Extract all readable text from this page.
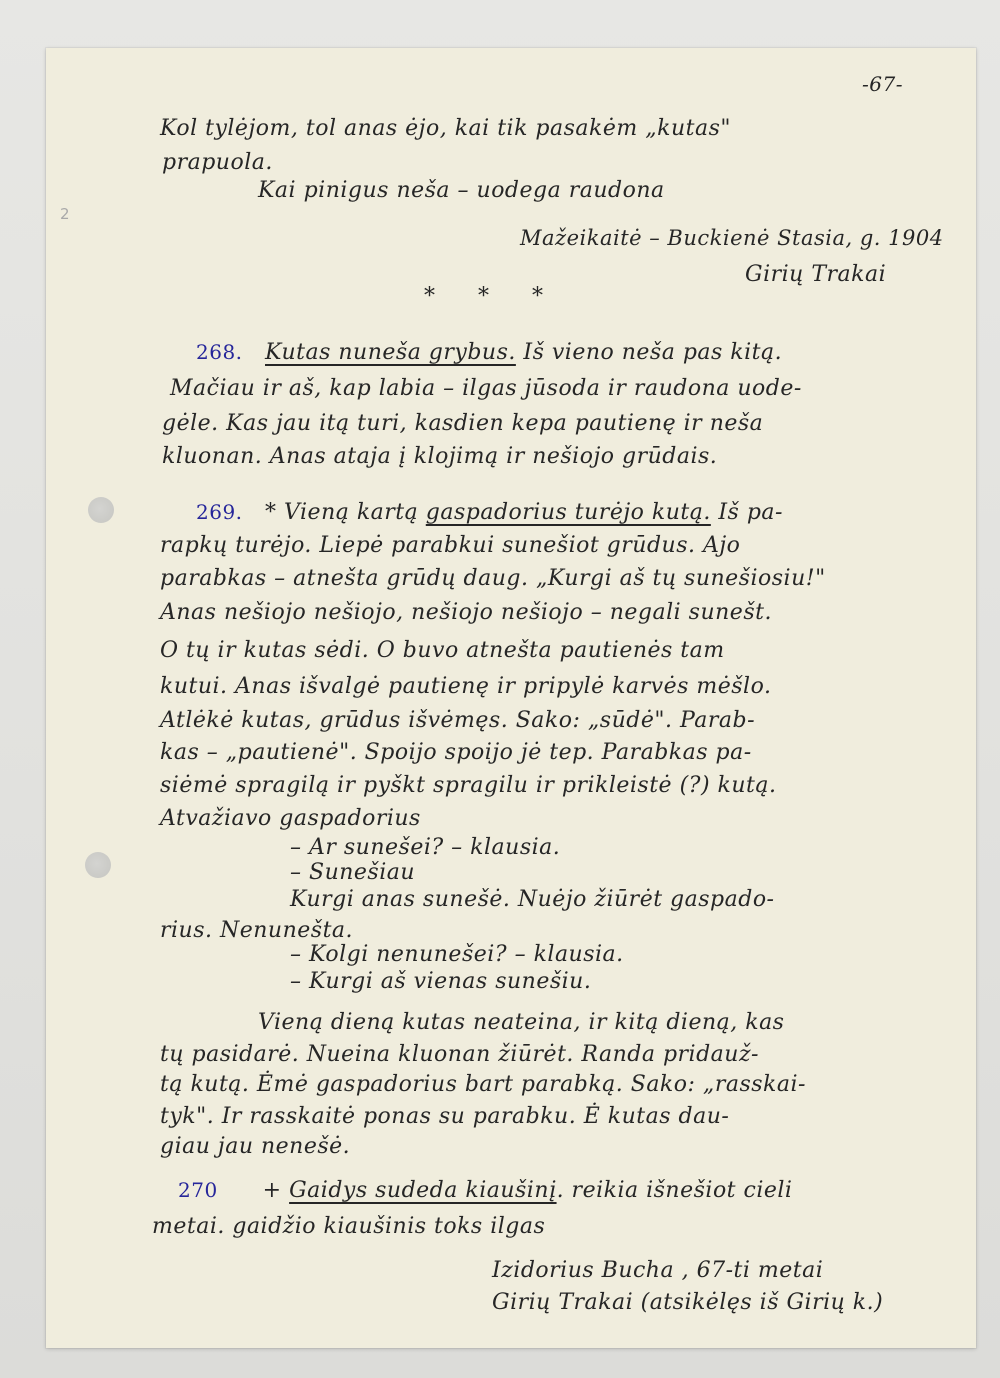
-67-
2
Kol tylėjom, tol anas ėjo, kai tik pasakėm „kutas"
prapuola.
Kai pinigus neša – uodega raudona
Mažeikaitė – Buckienė Stasia, g. 1904
Girių Trakai
* * *
268. Kutas nuneša grybus. Iš vieno neša pas kitą.
Mačiau ir aš, kap labia – ilgas jūsoda ir raudona uode-
gėle. Kas jau itą turi, kasdien kepa pautienę ir neša
kluonan. Anas ataja į klojimą ir nešiojo grūdais.
269. * Vieną kartą gaspadorius turėjo kutą. Iš pa-
rapkų turėjo. Liepė parabkui sunešiot grūdus. Ajo
parabkas – atnešta grūdų daug. „Kurgi aš tų sunešiosiu!"
Anas nešiojo nešiojo, nešiojo nešiojo – negali sunešt.
O tų ir kutas sėdi. O buvo atnešta pautienės tam
kutui. Anas išvalgė pautienę ir pripylė karvės mėšlo.
Atlėkė kutas, grūdus išvėmęs. Sako: „sūdė". Parab-
kas – „pautienė". Spoijo spoijo jė tep. Parabkas pa-
siėmė spragilą ir pyškt spragilu ir prikleistė (?) kutą.
Atvažiavo gaspadorius
– Ar sunešei? – klausia.
– Sunešiau
Kurgi anas sunešė. Nuėjo žiūrėt gaspado-
rius. Nenunešta.
– Kolgi nenunešei? – klausia.
– Kurgi aš vienas sunešiu.
Vieną dieną kutas neateina, ir kitą dieną, kas
tų pasidarė. Nueina kluonan žiūrėt. Randa pridauž-
tą kutą. Ėmė gaspadorius bart parabką. Sako: „rasskai-
tyk". Ir rasskaitė ponas su parabku. Ė kutas dau-
giau jau nenešė.
270 + Gaidys sudeda kiaušinį. reikia išnešiot cieli
metai. gaidžio kiaušinis toks ilgas
Izidorius Bucha , 67-ti metai
Girių Trakai (atsikėlęs iš Girių k.)
